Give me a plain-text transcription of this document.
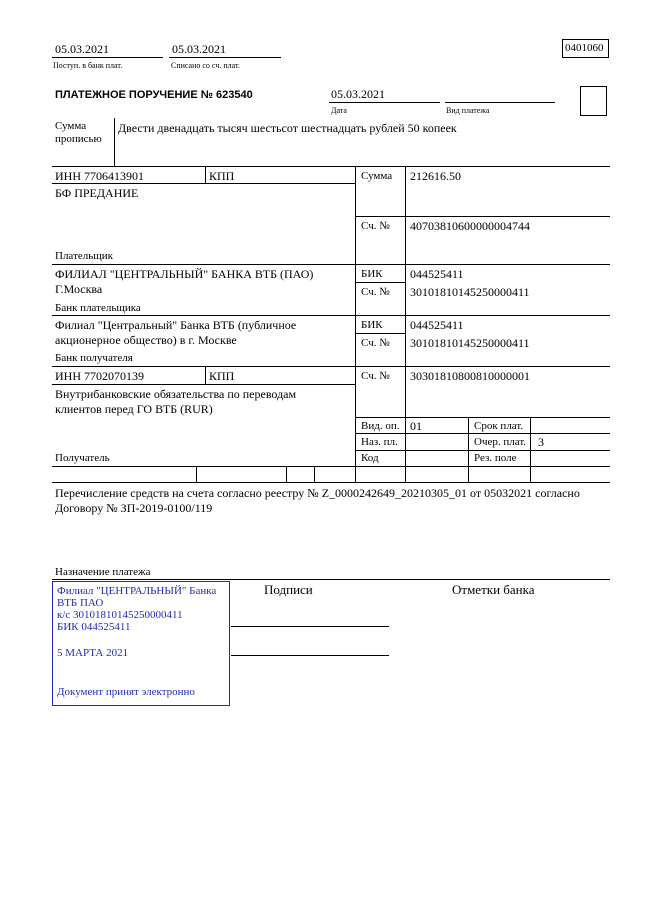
05.03.2021
Поступ. в банк плат.
05.03.2021
Списано со сч. плат.
0401060
ПЛАТЕЖНОЕ ПОРУЧЕНИЕ № 623540	05.03.2021
Дата	Вид платежа
Сумма
прописью
Двести двенадцать тысяч шестьсот шестнадцать рублей 50 копеек
ИНН 7706413901	КПП
БФ ПРЕДАНИЕ
Плательщик
Сумма 212616.50
Сч. № 40703810600000004744
ФИЛИАЛ "ЦЕНТРАЛЬНЫЙ" БАНКА ВТБ (ПАО)
Г.Москва
Банк плательщика
БИК 044525411
Сч. № 30101810145250000411
Филиал "Центральный" Банка ВТБ (публичное
акционерное общество) в г. Москве
Банк получателя
БИК 044525411
Сч. № 30101810145250000411
ИНН 7702070139	КПП	Сч. № 30301810800810000001
Внутрибанковские обязательства по переводам
клиентов перед ГО ВТБ (RUR)
Получатель
Вид. оп. 01	Срок плат.
Наз. пл.	Очер. плат. 3
Код	Рез. поле
Перечисление средств на счета согласно реестру № Z_0000242649_20210305_01 от 05032021 согласно
Договору № ЗП-2019-0100/119
Назначение платежа
Подписи	Отметки банка
Филиал "ЦЕНТРАЛЬНЫЙ" Банка
ВТБ ПАО
к/с 30101810145250000411
БИК 044525411
5 МАРТА 2021
Документ принят электронно
